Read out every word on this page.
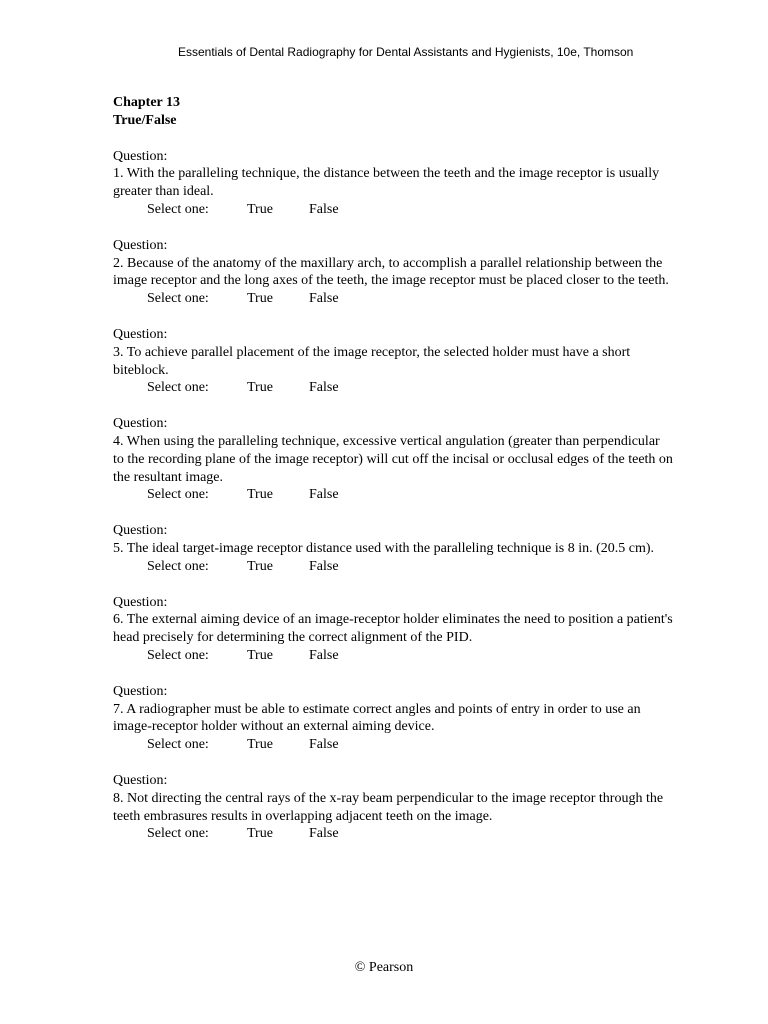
Essentials of Dental Radiography for Dental Assistants and Hygienists, 10e, Thomson
Chapter 13
True/False
Question:
1. With the paralleling technique, the distance between the teeth and the image receptor is usually greater than ideal.
Select one:	True	False
Question:
2. Because of the anatomy of the maxillary arch, to accomplish a parallel relationship between the image receptor and the long axes of the teeth, the image receptor must be placed closer to the teeth.
Select one:	True	False
Question:
3. To achieve parallel placement of the image receptor, the selected holder must have a short biteblock.
Select one:	True	False
Question:
4. When using the paralleling technique, excessive vertical angulation (greater than perpendicular to the recording plane of the image receptor) will cut off the incisal or occlusal edges of the teeth on the resultant image.
Select one:	True	False
Question:
5. The ideal target-image receptor distance used with the paralleling technique is 8 in. (20.5 cm).
Select one:	True	False
Question:
6. The external aiming device of an image-receptor holder eliminates the need to position a patient's head precisely for determining the correct alignment of the PID.
Select one:	True	False
Question:
7. A radiographer must be able to estimate correct angles and points of entry in order to use an image-receptor holder without an external aiming device.
Select one:	True	False
Question:
8. Not directing the central rays of the x-ray beam perpendicular to the image receptor through the teeth embrasures results in overlapping adjacent teeth on the image.
Select one:	True	False
© Pearson
